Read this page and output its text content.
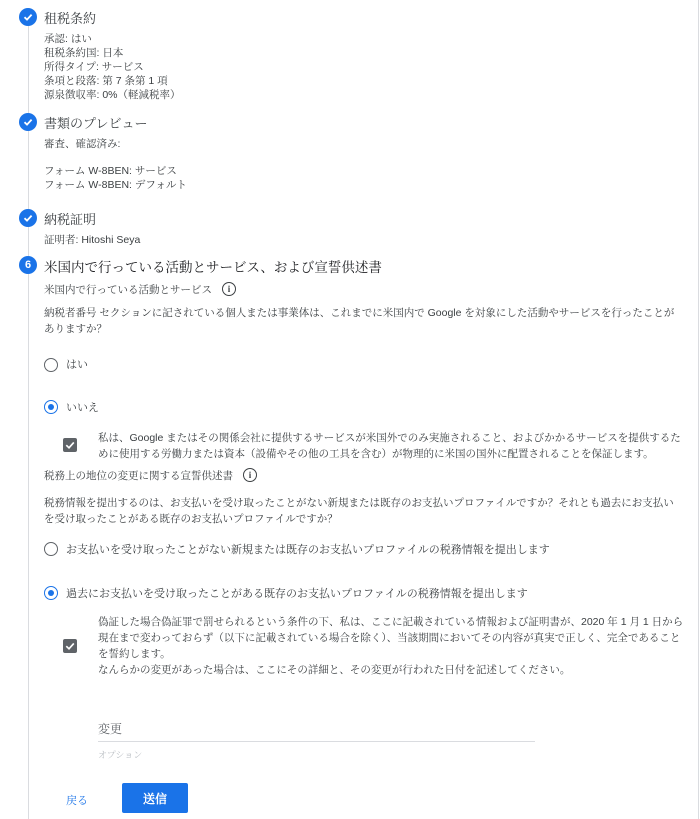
租税条約
承認: はい
租税条約国: 日本
所得タイプ: サービス
条項と段落: 第 7 条第 1 項
源泉徴収率: 0%（軽減税率）
書類のプレビュー
審査、確認済み:
フォーム W-8BEN: サービス
フォーム W-8BEN: デフォルト
納税証明
証明者: Hitoshi Seya
6 米国内で行っている活動とサービス、および宣誓供述書
米国内で行っている活動とサービス	i
納税者番号 セクションに記されている個人または事業体は、これまでに米国内で Google を対象にした活動やサービスを行ったことがありますか？
はい
いいえ
私は、Google またはその関係会社に提供するサービスが米国外でのみ実施されること、およびかかるサービスを提供するために使用する労働力または資本（設備やその他の工具を含む）が物理的に米国の国外に配置されることを保証します。
税務上の地位の変更に関する宣誓供述書	i
税務情報を提出するのは、お支払いを受け取ったことがない新規または既存のお支払いプロファイルですか？それとも過去にお支払いを受け取ったことがある既存のお支払いプロファイルですか？
お支払いを受け取ったことがない新規または既存のお支払いプロファイルの税務情報を提出します
過去にお支払いを受け取ったことがある既存のお支払いプロファイルの税務情報を提出します
偽証した場合偽証罪で罰せられるという条件の下、私は、ここに記載されている情報および証明書が、2020 年 1 月 1 日から現在まで変わっておらず（以下に記載されている場合を除く）、当該期間においてその内容が真実で正しく、完全であることを誓約します。
なんらかの変更があった場合は、ここにその詳細と、その変更が行われた日付を記述してください。
変更
オプション
戻る	送信
